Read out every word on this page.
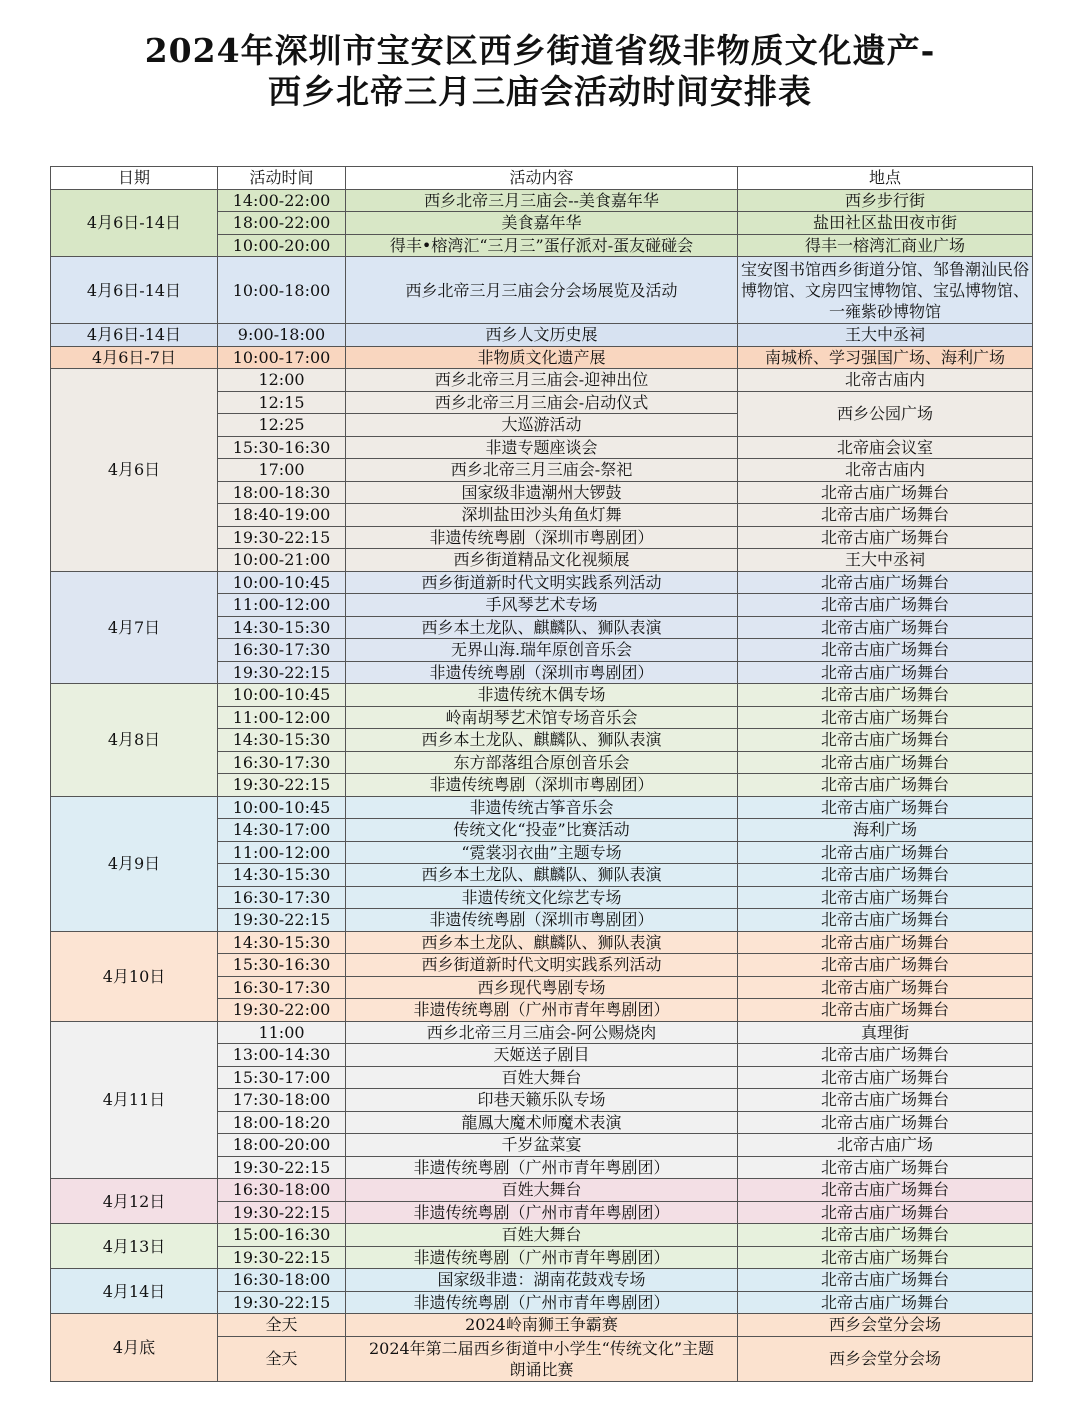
2024年深圳市宝安区西乡街道省级非物质文化遗产-
西乡北帝三月三庙会活动时间安排表
日期	活动时间	活动内容	地点
4月6日-14日	14:00-22:00	西乡北帝三月三庙会--美食嘉年华	西乡步行街
	18:00-22:00	美食嘉年华	盐田社区盐田夜市街
	10:00-20:00	得丰•榕湾汇“三月三”蛋仔派对-蛋友碰碰会	得丰一榕湾汇商业广场
4月6日-14日	10:00-18:00	西乡北帝三月三庙会分会场展览及活动	宝安图书馆西乡街道分馆、邹鲁潮汕民俗博物馆、文房四宝博物馆、宝弘博物馆、一雍紫砂博物馆
4月6日-14日	9:00-18:00	西乡人文历史展	王大中丞祠
4月6日-7日	10:00-17:00	非物质文化遗产展	南城桥、学习强国广场、海利广场
4月6日	12:00	西乡北帝三月三庙会-迎神出位	北帝古庙内
	12:15	西乡北帝三月三庙会-启动仪式	西乡公园广场
	12:25	大巡游活动	
	15:30-16:30	非遗专题座谈会	北帝庙会议室
	17:00	西乡北帝三月三庙会-祭祀	北帝古庙内
	18:00-18:30	国家级非遗潮州大锣鼓	北帝古庙广场舞台
	18:40-19:00	深圳盐田沙头角鱼灯舞	北帝古庙广场舞台
	19:30-22:15	非遗传统粤剧（深圳市粤剧团）	北帝古庙广场舞台
	10:00-21:00	西乡街道精品文化视频展	王大中丞祠
4月7日	10:00-10:45	西乡街道新时代文明实践系列活动	北帝古庙广场舞台
	11:00-12:00	手风琴艺术专场	北帝古庙广场舞台
	14:30-15:30	西乡本土龙队、麒麟队、狮队表演	北帝古庙广场舞台
	16:30-17:30	无界山海.瑞年原创音乐会	北帝古庙广场舞台
	19:30-22:15	非遗传统粤剧（深圳市粤剧团）	北帝古庙广场舞台
4月8日	10:00-10:45	非遗传统木偶专场	北帝古庙广场舞台
	11:00-12:00	岭南胡琴艺术馆专场音乐会	北帝古庙广场舞台
	14:30-15:30	西乡本土龙队、麒麟队、狮队表演	北帝古庙广场舞台
	16:30-17:30	东方部落组合原创音乐会	北帝古庙广场舞台
	19:30-22:15	非遗传统粤剧（深圳市粤剧团）	北帝古庙广场舞台
4月9日	10:00-10:45	非遗传统古筝音乐会	北帝古庙广场舞台
	14:30-17:00	传统文化“投壶”比赛活动	海利广场
	11:00-12:00	“霓裳羽衣曲”主题专场	北帝古庙广场舞台
	14:30-15:30	西乡本土龙队、麒麟队、狮队表演	北帝古庙广场舞台
	16:30-17:30	非遗传统文化综艺专场	北帝古庙广场舞台
	19:30-22:15	非遗传统粤剧（深圳市粤剧团）	北帝古庙广场舞台
4月10日	14:30-15:30	西乡本土龙队、麒麟队、狮队表演	北帝古庙广场舞台
	15:30-16:30	西乡街道新时代文明实践系列活动	北帝古庙广场舞台
	16:30-17:30	西乡现代粤剧专场	北帝古庙广场舞台
	19:30-22:00	非遗传统粤剧（广州市青年粤剧团）	北帝古庙广场舞台
4月11日	11:00	西乡北帝三月三庙会-阿公赐烧肉	真理街
	13:00-14:30	天姬送子剧目	北帝古庙广场舞台
	15:30-17:00	百姓大舞台	北帝古庙广场舞台
	17:30-18:00	印巷天籁乐队专场	北帝古庙广场舞台
	18:00-18:20	龍鳳大魔术师魔术表演	北帝古庙广场舞台
	18:00-20:00	千岁盆菜宴	北帝古庙广场
	19:30-22:15	非遗传统粤剧（广州市青年粤剧团）	北帝古庙广场舞台
4月12日	16:30-18:00	百姓大舞台	北帝古庙广场舞台
	19:30-22:15	非遗传统粤剧（广州市青年粤剧团）	北帝古庙广场舞台
4月13日	15:00-16:30	百姓大舞台	北帝古庙广场舞台
	19:30-22:15	非遗传统粤剧（广州市青年粤剧团）	北帝古庙广场舞台
4月14日	16:30-18:00	国家级非遗：湖南花鼓戏专场	北帝古庙广场舞台
	19:30-22:15	非遗传统粤剧（广州市青年粤剧团）	北帝古庙广场舞台
4月底	全天	2024岭南狮王争霸赛	西乡会堂分会场
	全天	2024年第二届西乡街道中小学生“传统文化”主题朗诵比赛	西乡会堂分会场
